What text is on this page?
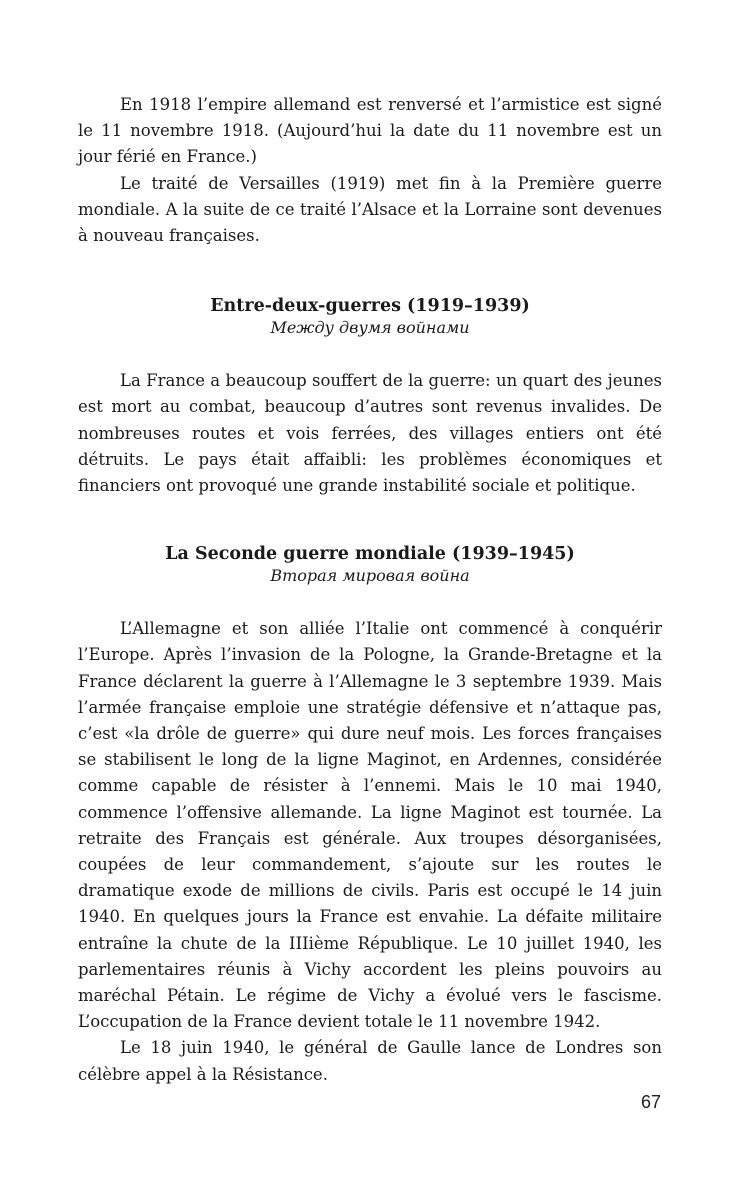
En 1918 l’empire allemand est renversé et l’armistice est signé le 11 novembre 1918. (Aujourd’hui la date du 11 novembre est un jour férié en France.)

Le traité de Versailles (1919) met fin à la Première guerre mondiale. A la suite de ce traité l’Alsace et la Lorraine sont devenues à nouveau françaises.

Entre-deux-guerres (1919–1939)

Между двумя войнами

La France a beaucoup souffert de la guerre: un quart des jeunes est mort au combat, beaucoup d’autres sont revenus invalides. De nombreuses routes et vois ferrées, des villages entiers ont été détruits. Le pays était affaibli: les problèmes économiques et financiers ont provoqué une grande instabilité sociale et politique.

La Seconde guerre mondiale (1939–1945)

Вторая мировая война

L’Allemagne et son alliée l’Italie ont commencé à conquérir l’Europe. Après l’invasion de la Pologne, la Grande-Bretagne et la France déclarent la guerre à l’Allemagne le 3 septembre 1939. Mais l’armée française emploie une stratégie défensive et n’attaque pas, c’est «la drôle de guerre» qui dure neuf mois. Les forces françaises se stabilisent le long de la ligne Maginot, en Ardennes, considérée comme capable de résister à l’ennemi. Mais le 10 mai 1940, commence l’offensive allemande. La ligne Maginot est tournée. La retraite des Français est générale. Aux troupes désorganisées, coupées de leur commandement, s’ajoute sur les routes le dramatique exode de millions de civils. Paris est occupé le 14 juin 1940. En quelques jours la France est envahie. La défaite militaire entraîne la chute de la IIIième République. Le 10 juillet 1940, les parlementaires réunis à Vichy accordent les pleins pouvoirs au maréchal Pétain. Le régime de Vichy a évolué vers le fascisme. L’occupation de la France devient totale le 11 novembre 1942.

Le 18 juin 1940, le général de Gaulle lance de Londres son célèbre appel à la Résistance.

67
